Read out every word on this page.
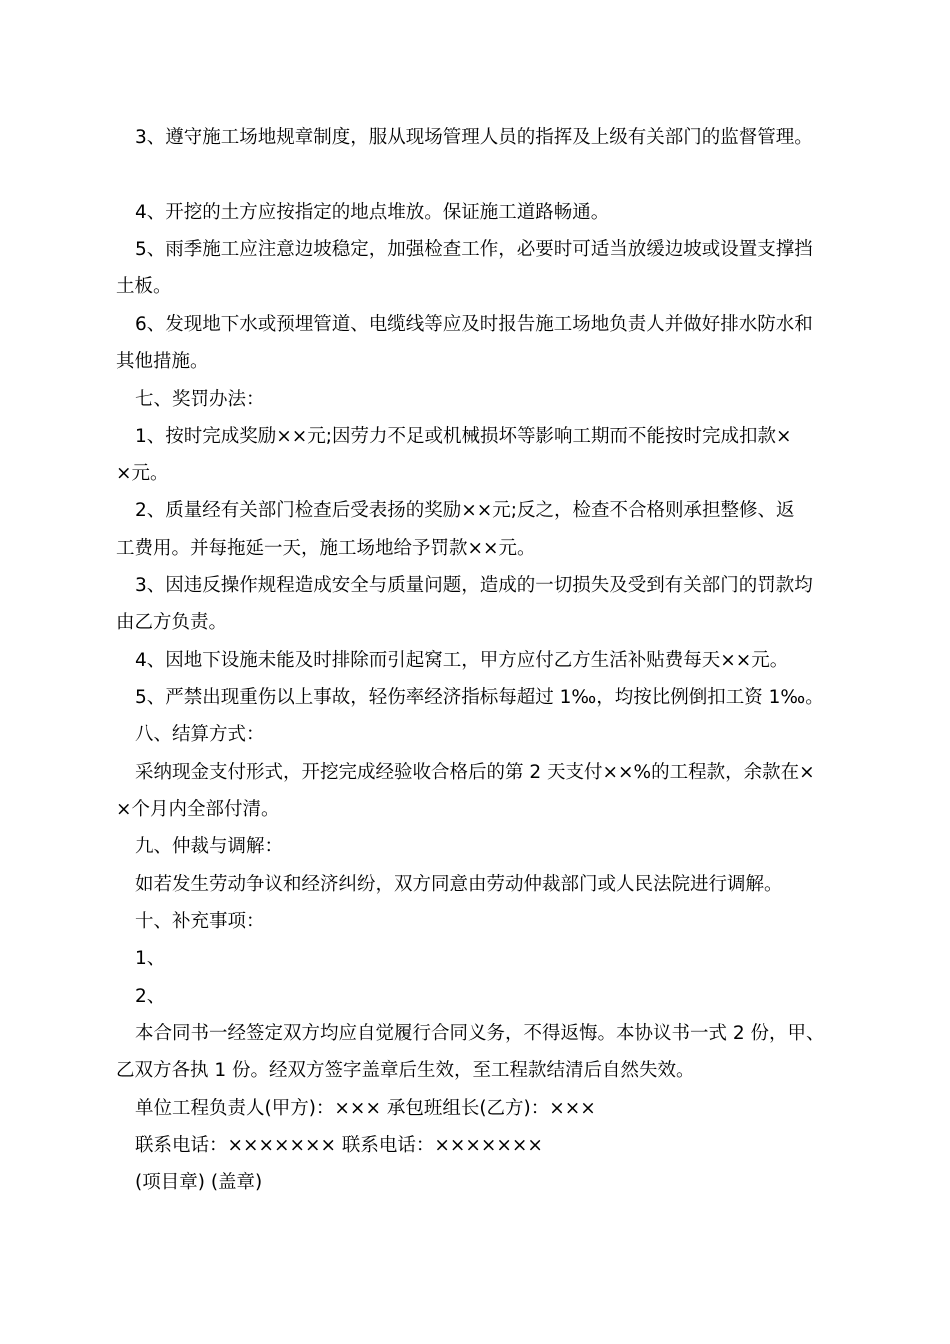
3、遵守施工场地规章制度，服从现场管理人员的指挥及上级有关部门的监督管理。
4、开挖的土方应按指定的地点堆放。保证施工道路畅通。
5、雨季施工应注意边坡稳定，加强检查工作，必要时可适当放缓边坡或设置支撑挡
土板。
6、发现地下水或预埋管道、电缆线等应及时报告施工场地负责人并做好排水防水和
其他措施。
七、奖罚办法：
1、按时完成奖励××元;因劳力不足或机械损坏等影响工期而不能按时完成扣款×
×元。
2、质量经有关部门检查后受表扬的奖励××元;反之，检查不合格则承担整修、返
工费用。并每拖延一天，施工场地给予罚款××元。
3、因违反操作规程造成安全与质量问题，造成的一切损失及受到有关部门的罚款均
由乙方负责。
4、因地下设施未能及时排除而引起窝工，甲方应付乙方生活补贴费每天××元。
5、严禁出现重伤以上事故，轻伤率经济指标每超过 1‰，均按比例倒扣工资 1‰。
八、结算方式：
采纳现金支付形式，开挖完成经验收合格后的第 2 天支付××%的工程款，余款在×
×个月内全部付清。
九、仲裁与调解：
如若发生劳动争议和经济纠纷，双方同意由劳动仲裁部门或人民法院进行调解。
十、补充事项：
1、
2、
本合同书一经签定双方均应自觉履行合同义务，不得返悔。本协议书一式 2 份，甲、
乙双方各执 1 份。经双方签字盖章后生效，至工程款结清后自然失效。
单位工程负责人(甲方)：××× 承包班组长(乙方)：×××
联系电话：××××××× 联系电话：×××××××
(项目章) (盖章)
